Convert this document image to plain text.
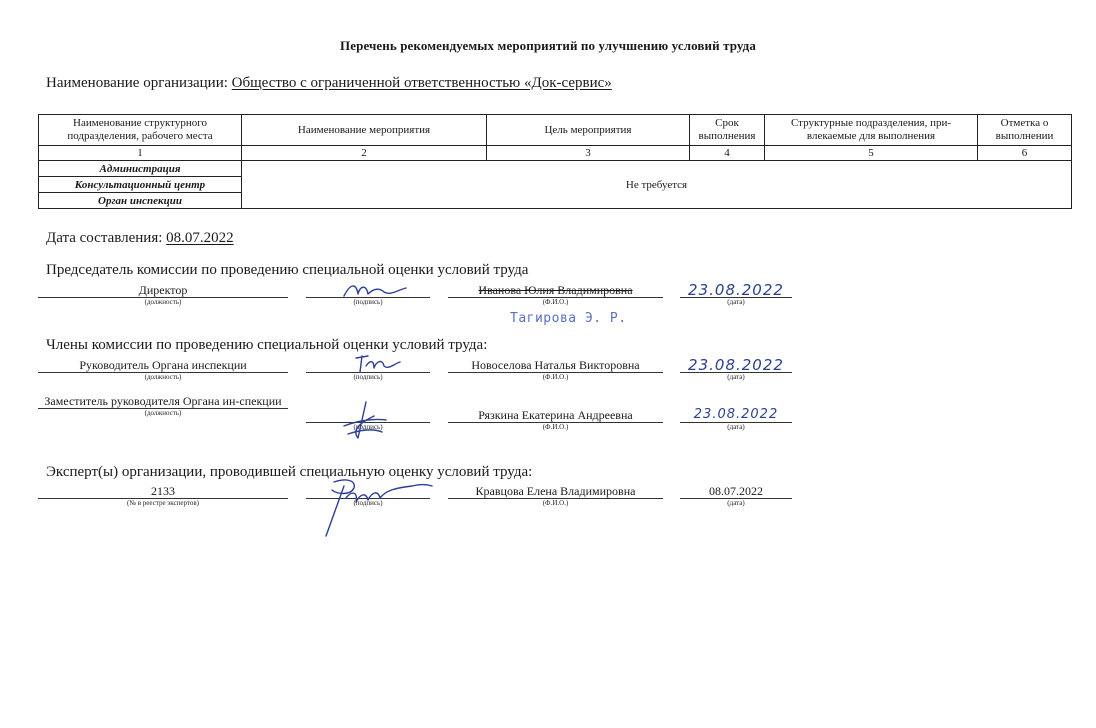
Перечень рекомендуемых мероприятий по улучшению условий труда
Наименование организации: Общество с ограниченной ответственностью «Док-сервис»
Наименование структурного подразделения, рабочего места	Наименование мероприятия	Цель мероприятия	Срок выполнения	Структурные подразделения, при-влекаемые для выполнения	Отметка о выполнении
1	2	3	4	5	6
Администрация	Не требуется				
Консультационный центр					
Орган инспекции					
Дата составления: 08.07.2022
Председатель комиссии по проведению специальной оценки условий труда
Директор
(должность)	(подпись)
Иванова Юлия Владимировна
(Ф.И.О.)
23.08.2022
(дата)
Тагирова Э. Р.
Члены комиссии по проведению специальной оценки условий труда:
Руководитель Органа инспекции
(должность)	(подпись)
Новоселова Наталья Викторовна
(Ф.И.О.)
23.08.2022
(дата)
Заместитель руководителя Органа ин-спекции
(должность)
(подпись)
Рязкина Екатерина Андреевна
(Ф.И.О.)
23.08.2022
(дата)
Эксперт(ы) организации, проводившей специальную оценку условий труда:
2133
(№ в реестре экспертов)	(подпись)
Кравцова Елена Владимировна
(Ф.И.О.)
08.07.2022
(дата)
